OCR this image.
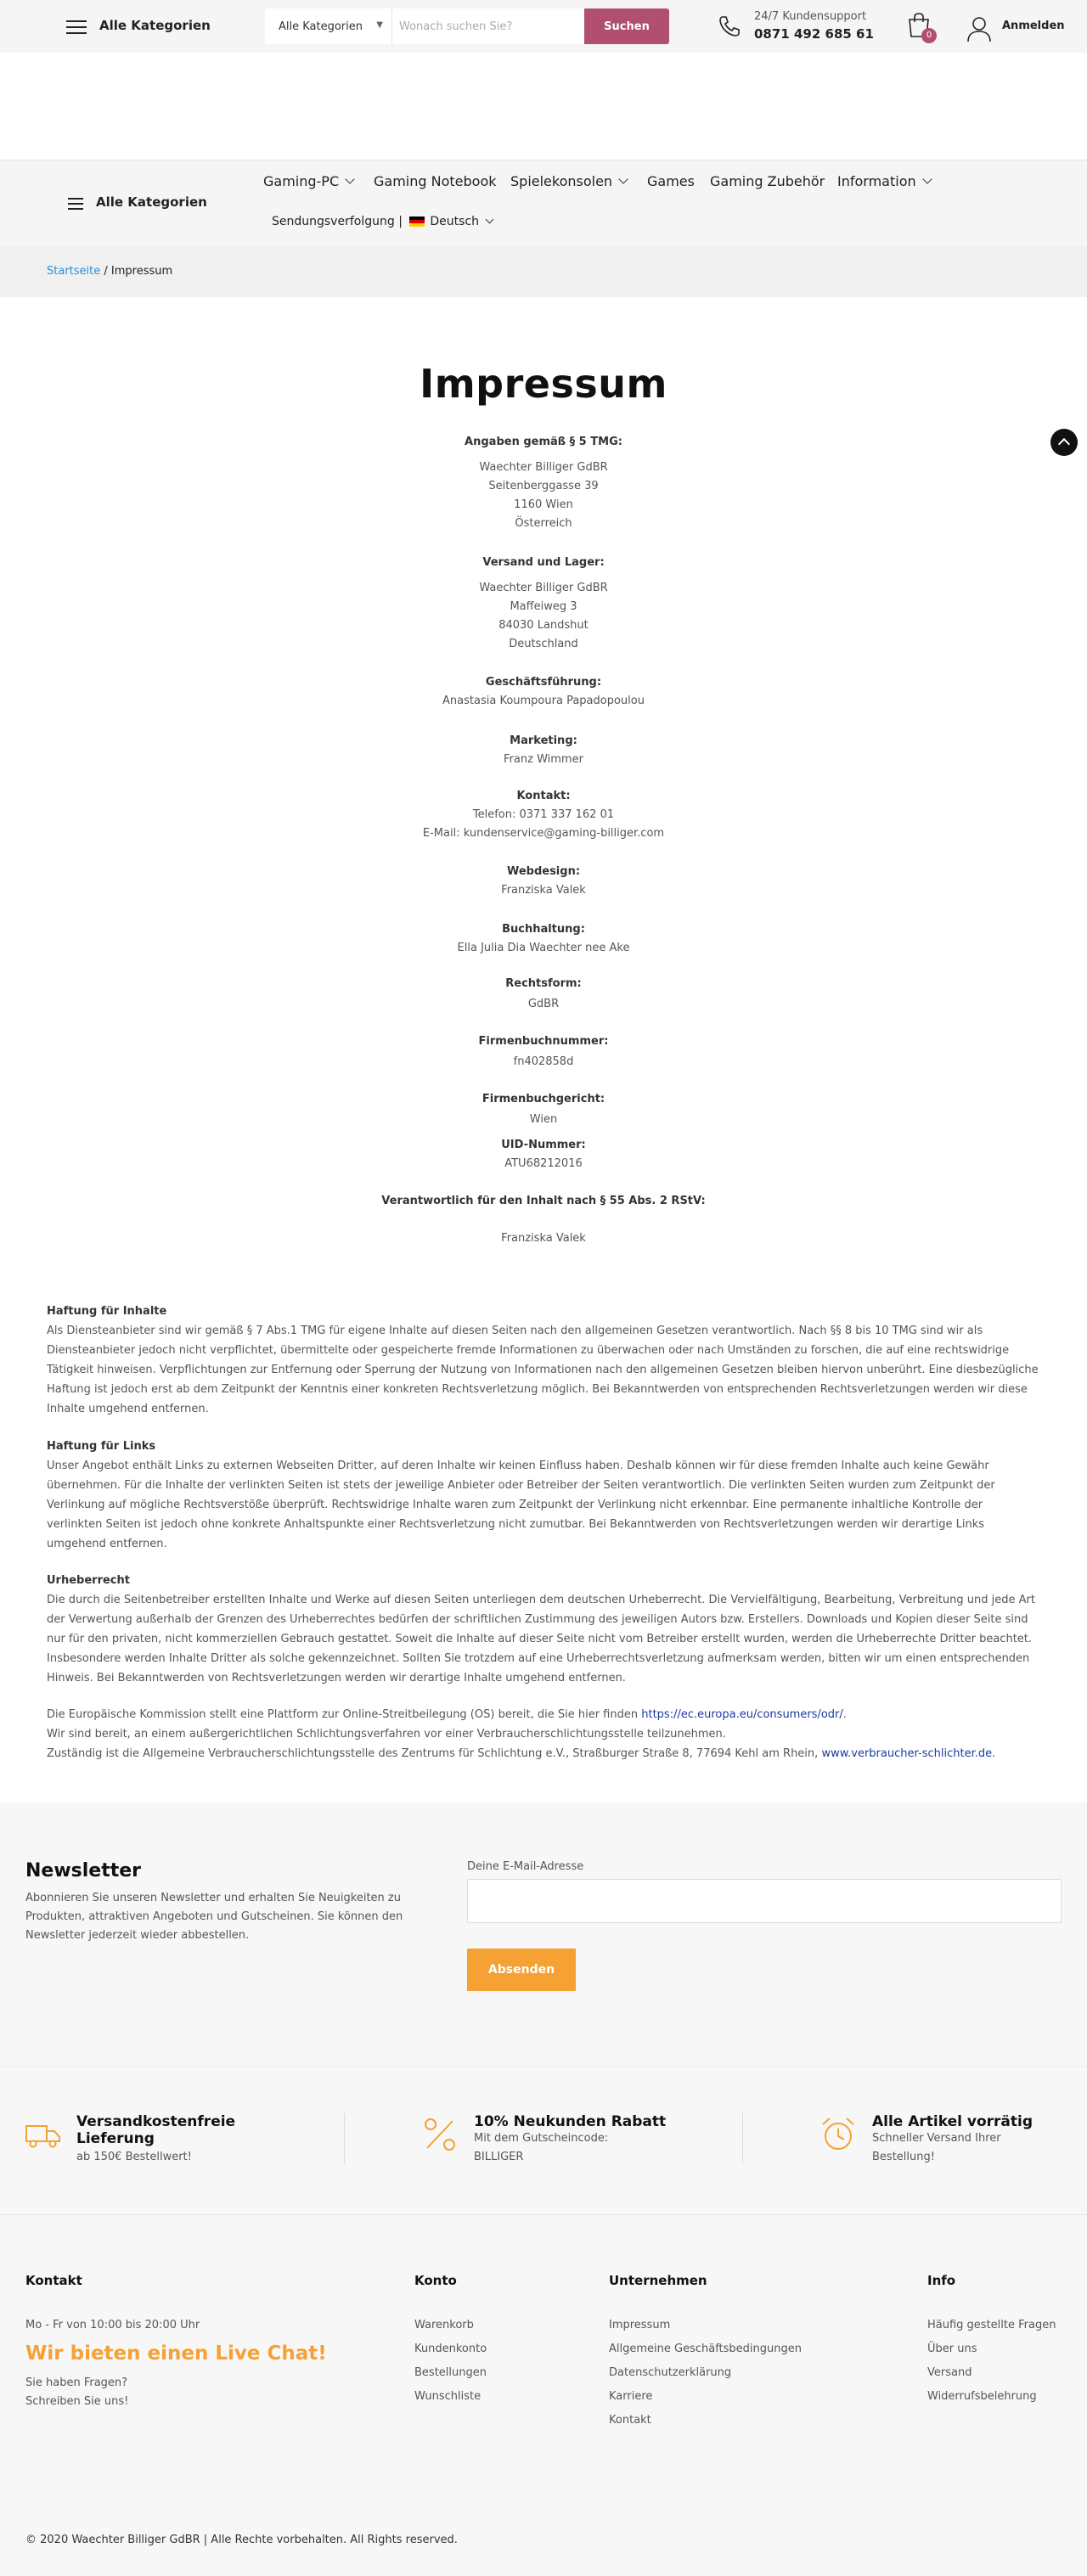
Alle Kategorien	Alle Kategorien ▼
Wonach suchen Sie?	Suchen
24/7 Kundensupport
0871 492 685 61	0
Anmelden
Alle Kategorien
Gaming-PC	Gaming Notebook Spielekonsolen	Games Gaming Zubehör Information
Sendungsverfolgung | Deutsch
Startseite / Impressum
Impressum
Angaben gemäß § 5 TMG:

Waechter Billiger GdBR
Seitenberggasse 39
1160 Wien
Österreich
Versand und Lager:

Waechter Billiger GdBR
Maffeiweg 3
84030 Landshut
Deutschland
Geschäftsführung:
Anastasia Koumpoura Papadopoulou
Marketing:
Franz Wimmer
Kontakt:
Telefon: 0371 337 162 01
E-Mail: kundenservice@gaming-billiger.com
Webdesign:
Franziska Valek
Buchhaltung:
Ella Julia Dia Waechter nee Ake
Rechtsform:

GdBR
Firmenbuchnummer:

fn402858d
Firmenbuchgericht:

Wien
UID-Nummer:
ATU68212016
Verantwortlich für den Inhalt nach § 55 Abs. 2 RStV:

Franziska Valek
Haftung für Inhalte
Als Diensteanbieter sind wir gemäß § 7 Abs.1 TMG für eigene Inhalte auf diesen Seiten nach den allgemeinen Gesetzen verantwortlich. Nach §§ 8 bis 10 TMG sind wir als Diensteanbieter jedoch nicht verpflichtet, übermittelte oder gespeicherte fremde Informationen zu überwachen oder nach Umständen zu forschen, die auf eine rechtswidrige Tätigkeit hinweisen. Verpflichtungen zur Entfernung oder Sperrung der Nutzung von Informationen nach den allgemeinen Gesetzen bleiben hiervon unberührt. Eine diesbezügliche Haftung ist jedoch erst ab dem Zeitpunkt der Kenntnis einer konkreten Rechtsverletzung möglich. Bei Bekanntwerden von entsprechenden Rechtsverletzungen werden wir diese Inhalte umgehend entfernen.
Haftung für Links
Unser Angebot enthält Links zu externen Webseiten Dritter, auf deren Inhalte wir keinen Einfluss haben. Deshalb können wir für diese fremden Inhalte auch keine Gewähr übernehmen. Für die Inhalte der verlinkten Seiten ist stets der jeweilige Anbieter oder Betreiber der Seiten verantwortlich. Die verlinkten Seiten wurden zum Zeitpunkt der Verlinkung auf mögliche Rechtsverstöße überprüft. Rechtswidrige Inhalte waren zum Zeitpunkt der Verlinkung nicht erkennbar. Eine permanente inhaltliche Kontrolle der verlinkten Seiten ist jedoch ohne konkrete Anhaltspunkte einer Rechtsverletzung nicht zumutbar. Bei Bekanntwerden von Rechtsverletzungen werden wir derartige Links umgehend entfernen.
Urheberrecht
Die durch die Seitenbetreiber erstellten Inhalte und Werke auf diesen Seiten unterliegen dem deutschen Urheberrecht. Die Vervielfältigung, Bearbeitung, Verbreitung und jede Art der Verwertung außerhalb der Grenzen des Urheberrechtes bedürfen der schriftlichen Zustimmung des jeweiligen Autors bzw. Erstellers. Downloads und Kopien dieser Seite sind nur für den privaten, nicht kommerziellen Gebrauch gestattet. Soweit die Inhalte auf dieser Seite nicht vom Betreiber erstellt wurden, werden die Urheberrechte Dritter beachtet. Insbesondere werden Inhalte Dritter als solche gekennzeichnet. Sollten Sie trotzdem auf eine Urheberrechtsverletzung aufmerksam werden, bitten wir um einen entsprechenden Hinweis. Bei Bekanntwerden von Rechtsverletzungen werden wir derartige Inhalte umgehend entfernen.
Die Europäische Kommission stellt eine Plattform zur Online-Streitbeilegung (OS) bereit, die Sie hier finden https://ec.europa.eu/consumers/odr/.
Wir sind bereit, an einem außergerichtlichen Schlichtungsverfahren vor einer Verbraucherschlichtungsstelle teilzunehmen.
Zuständig ist die Allgemeine Verbraucherschlichtungsstelle des Zentrums für Schlichtung e.V., Straßburger Straße 8, 77694 Kehl am Rhein, www.verbraucher-schlichter.de.
Newsletter
Abonnieren Sie unseren Newsletter und erhalten Sie Neuigkeiten zu Produkten, attraktiven Angeboten und Gutscheinen. Sie können den Newsletter jederzeit wieder abbestellen.
Deine E-Mail-Adresse
Absenden
Versandkostenfreie Lieferung
ab 150€ Bestellwert!
10% Neukunden Rabatt
Mit dem Gutscheincode: BILLIGER
Alle Artikel vorrätig
Schneller Versand Ihrer Bestellung!
Kontakt
Mo - Fr von 10:00 bis 20:00 Uhr
Wir bieten einen Live Chat!
Sie haben Fragen?
Schreiben Sie uns!
Konto
Warenkorb
Kundenkonto
Bestellungen
Wunschliste
Unternehmen
Impressum
Allgemeine Geschäftsbedingungen
Datenschutzerklärung
Karriere
Kontakt
Info
Häufig gestellte Fragen
Über uns
Versand
Widerrufsbelehrung
© 2020 Waechter Billiger GdBR | Alle Rechte vorbehalten. All Rights reserved.
